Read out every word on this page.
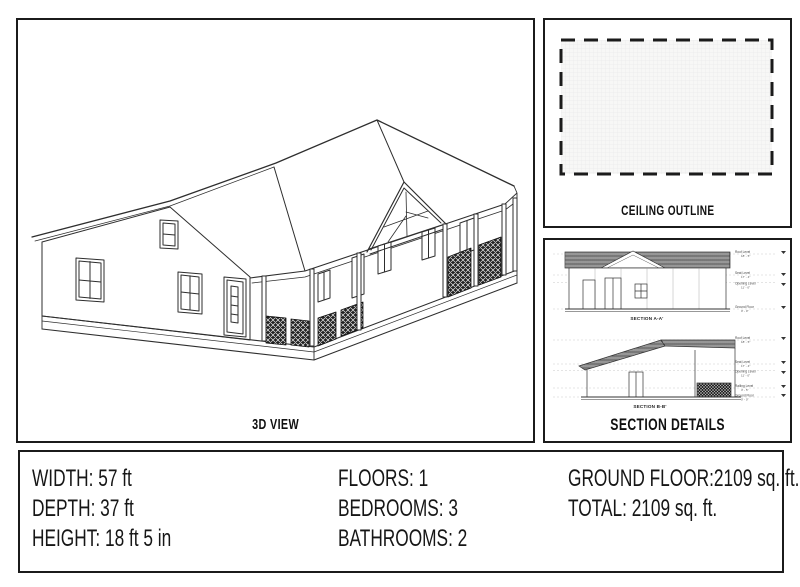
3D VIEW
CEILING OUTLINE
SECTION A-A'
Roof Level
18' - 5"
Seat Level
17' - 4"
Opening Level
11' - 0"
Ground Floor
0' - 0"
SECTION B-B'
Roof Level
18' - 5"
Seat Level
17' - 4"
Opening Level
11' - 0"
Railing Level
3' - 5"
Ground Floor
0' - 0"
SECTION DETAILS
WIDTH: 57 ft
DEPTH: 37 ft
HEIGHT: 18 ft 5 in
FLOORS: 1
BEDROOMS: 3
BATHROOMS: 2
GROUND FLOOR:2109 sq. ft.
TOTAL: 2109 sq. ft.
